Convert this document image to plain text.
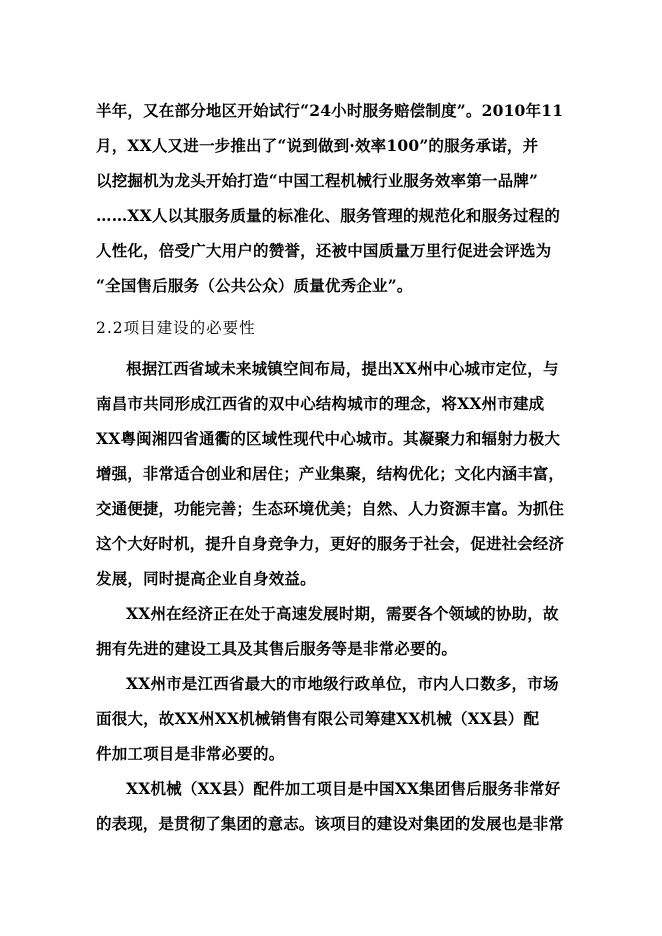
半年，又在部分地区开始试行“24小时服务赔偿制度”。2010年11
月，XX人又进一步推出了“说到做到·效率100”的服务承诺，并
以挖掘机为龙头开始打造“中国工程机械行业服务效率第一品牌”
……XX人以其服务质量的标准化、服务管理的规范化和服务过程的
人性化，倍受广大用户的赞誉，还被中国质量万里行促进会评选为
“全国售后服务（公共公众）质量优秀企业”。
2.2项目建设的必要性
根据江西省域未来城镇空间布局，提出XX州中心城市定位，与
南昌市共同形成江西省的双中心结构城市的理念，将XX州市建成
XX粤闽湘四省通衢的区域性现代中心城市。其凝聚力和辐射力极大
增强，非常适合创业和居住；产业集聚，结构优化；文化内涵丰富，
交通便捷，功能完善；生态环境优美；自然、人力资源丰富。为抓住
这个大好时机，提升自身竞争力，更好的服务于社会，促进社会经济
发展，同时提高企业自身效益。
XX州在经济正在处于高速发展时期，需要各个领域的协助，故
拥有先进的建设工具及其售后服务等是非常必要的。
XX州市是江西省最大的市地级行政单位，市内人口数多，市场
面很大，故XX州XX机械销售有限公司筹建XX机械（XX县）配
件加工项目是非常必要的。
XX机械（XX县）配件加工项目是中国XX集团售后服务非常好
的表现，是贯彻了集团的意志。该项目的建设对集团的发展也是非常
